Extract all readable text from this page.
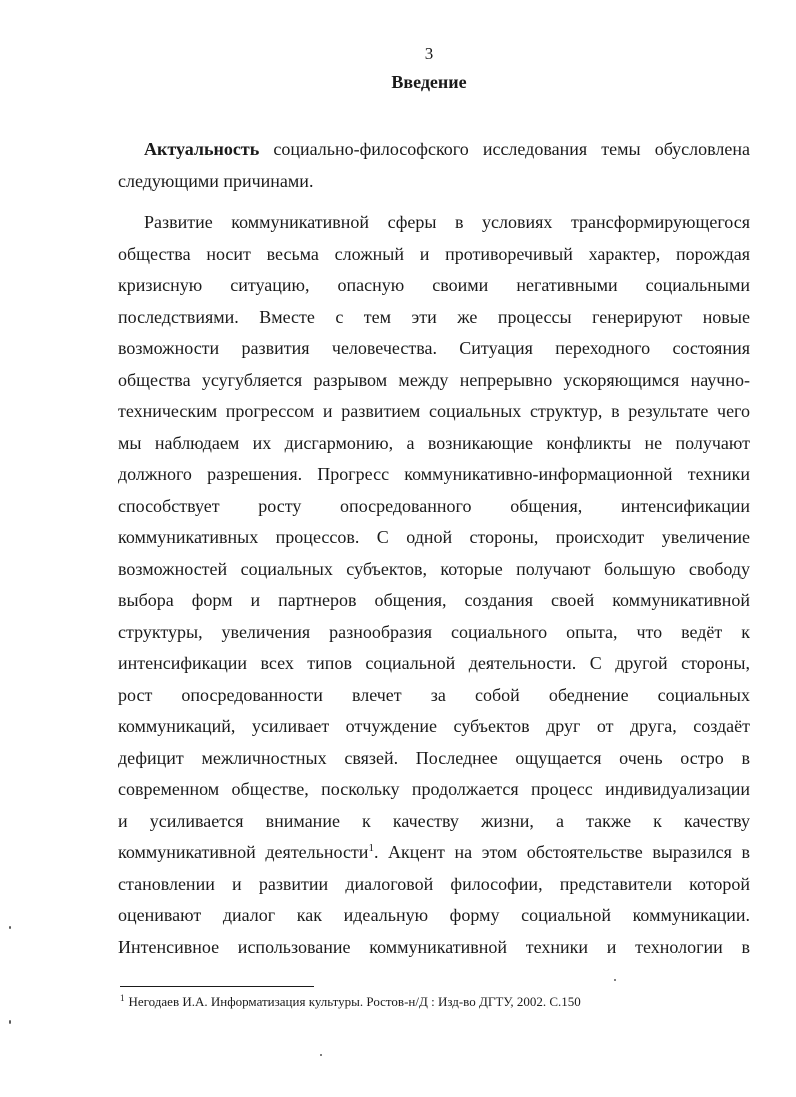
3
Введение
Актуальность социально-философского исследования темы обусловлена
следующими причинами.
Развитие коммуникативной сферы в условиях трансформирующегося
общества носит весьма сложный и противоречивый характер, порождая
кризисную ситуацию, опасную своими негативными социальными
последствиями. Вместе с тем эти же процессы генерируют новые
возможности развития человечества. Ситуация переходного состояния
общества усугубляется разрывом между непрерывно ускоряющимся научно-
техническим прогрессом и развитием социальных структур, в результате чего
мы наблюдаем их дисгармонию, а возникающие конфликты не получают
должного разрешения. Прогресс коммуникативно-информационной техники
способствует росту опосредованного общения, интенсификации
коммуникативных процессов. С одной стороны, происходит увеличение
возможностей социальных субъектов, которые получают большую свободу
выбора форм и партнеров общения, создания своей коммуникативной
структуры, увеличения разнообразия социального опыта, что ведёт к
интенсификации всех типов социальной деятельности. С другой стороны,
рост опосредованности влечет за собой обеднение социальных
коммуникаций, усиливает отчуждение субъектов друг от друга, создаёт
дефицит межличностных связей. Последнее ощущается очень остро в
современном обществе, поскольку продолжается процесс индивидуализации
и усиливается внимание к качеству жизни, а также к качеству
коммуникативной деятельности$^1$. Акцент на этом обстоятельстве выразился в
становлении и развитии диалоговой философии, представители которой
оценивают диалог как идеальную форму социальной коммуникации.
Интенсивное использование коммуникативной техники и технологии в
$^1$ Негодаев И.А. Информатизация культуры. Ростов-н/Д : Изд-во ДГТУ, 2002. С.150
